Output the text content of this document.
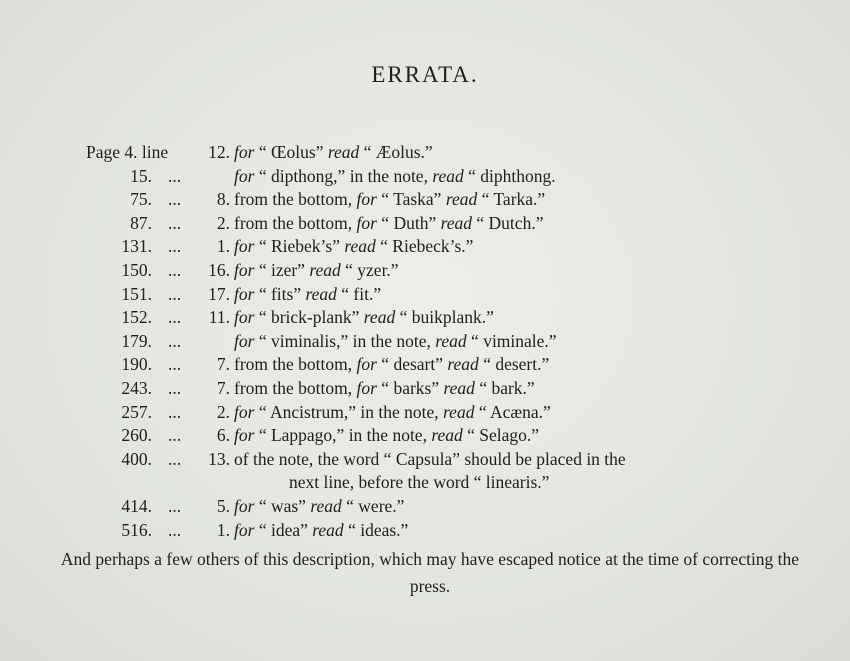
ERRATA.
Page 4. line	12. for “ Œolus” read “ Æolus.”
15. ...	for “ dipthong,” in the note, read “ diphthong.
75. ...	8. from the bottom, for “ Taska” read “ Tarka.”
87. ...	2. from the bottom, for “ Duth” read “ Dutch.”
131. ...	1. for “ Riebek’s” read “ Riebeck’s.”
150. ...	16. for “ izer” read “ yzer.”
151. ...	17. for “ fits” read “ fit.”
152. ...	11. for “ brick-plank” read “ buikplank.”
179. ...	for “ viminalis,” in the note, read “ viminale.”
190. ...	7. from the bottom, for “ desart” read “ desert.”
243. ...	7. from the bottom, for “ barks” read “ bark.”
257. ...	2. for “ Ancistrum,” in the note, read “ Acæna.”
260. ...	6. for “ Lappago,” in the note, read “ Selago.”
400. ...	13. of the note, the word “ Capsula” should be placed in the
next line, before the word “ linearis.”
414. ...	5. for “ was” read “ were.”
516. ...	1. for “ idea” read “ ideas.”
And perhaps a few others of this description, which may have escaped notice at the time of correcting the press.
